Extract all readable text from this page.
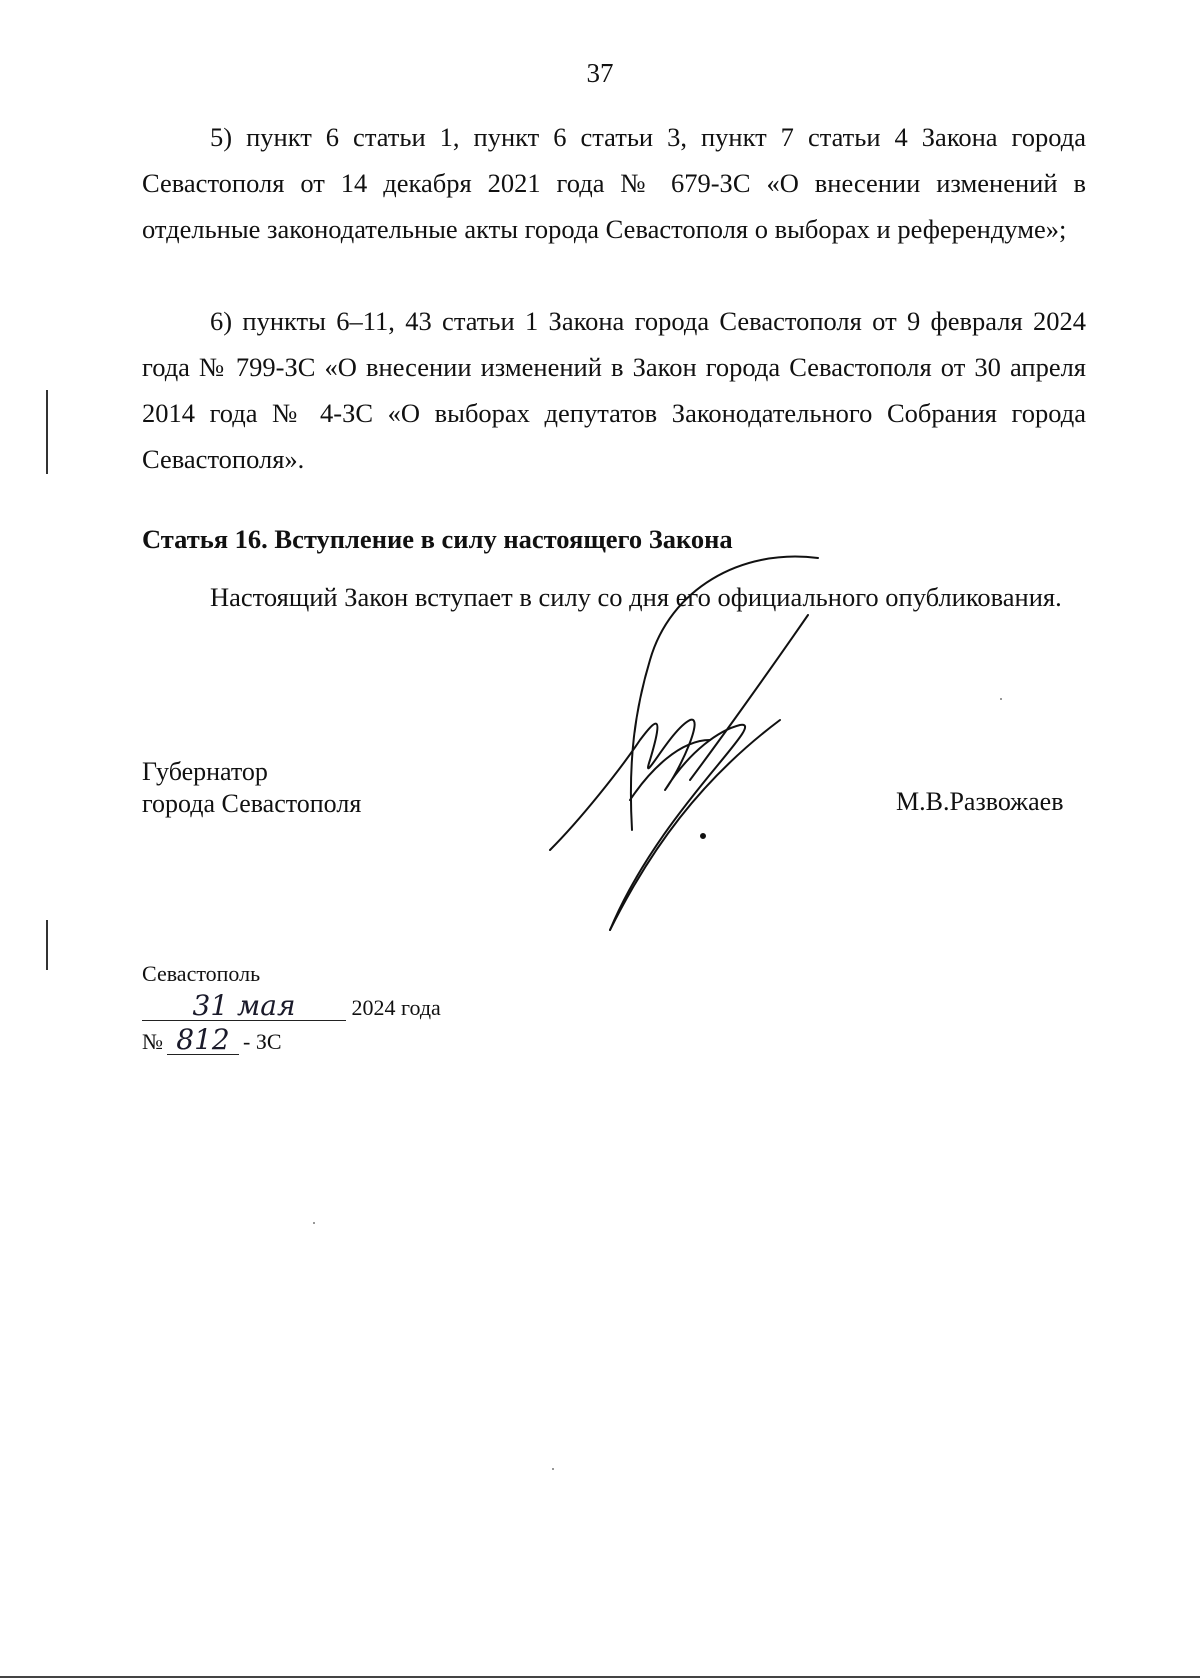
37
5) пункт 6 статьи 1, пункт 6 статьи 3, пункт 7 статьи 4 Закона города Севастополя от 14 декабря 2021 года № 679-ЗС «О внесении изменений в отдельные законодательные акты города Севастополя о выборах и референдуме»;
6) пункты 6–11, 43 статьи 1 Закона города Севастополя от 9 февраля 2024 года № 799-ЗС «О внесении изменений в Закон города Севастополя от 30 апреля 2014 года № 4-ЗС «О выборах депутатов Законодательного Собрания города Севастополя».
Статья 16. Вступление в силу настоящего Закона
Настоящий Закон вступает в силу со дня его официального опубликования.
Губернатор
города Севастополя	М.В.Развожаев
Севастополь
31 мая	2024 года
№ 812 - ЗС
